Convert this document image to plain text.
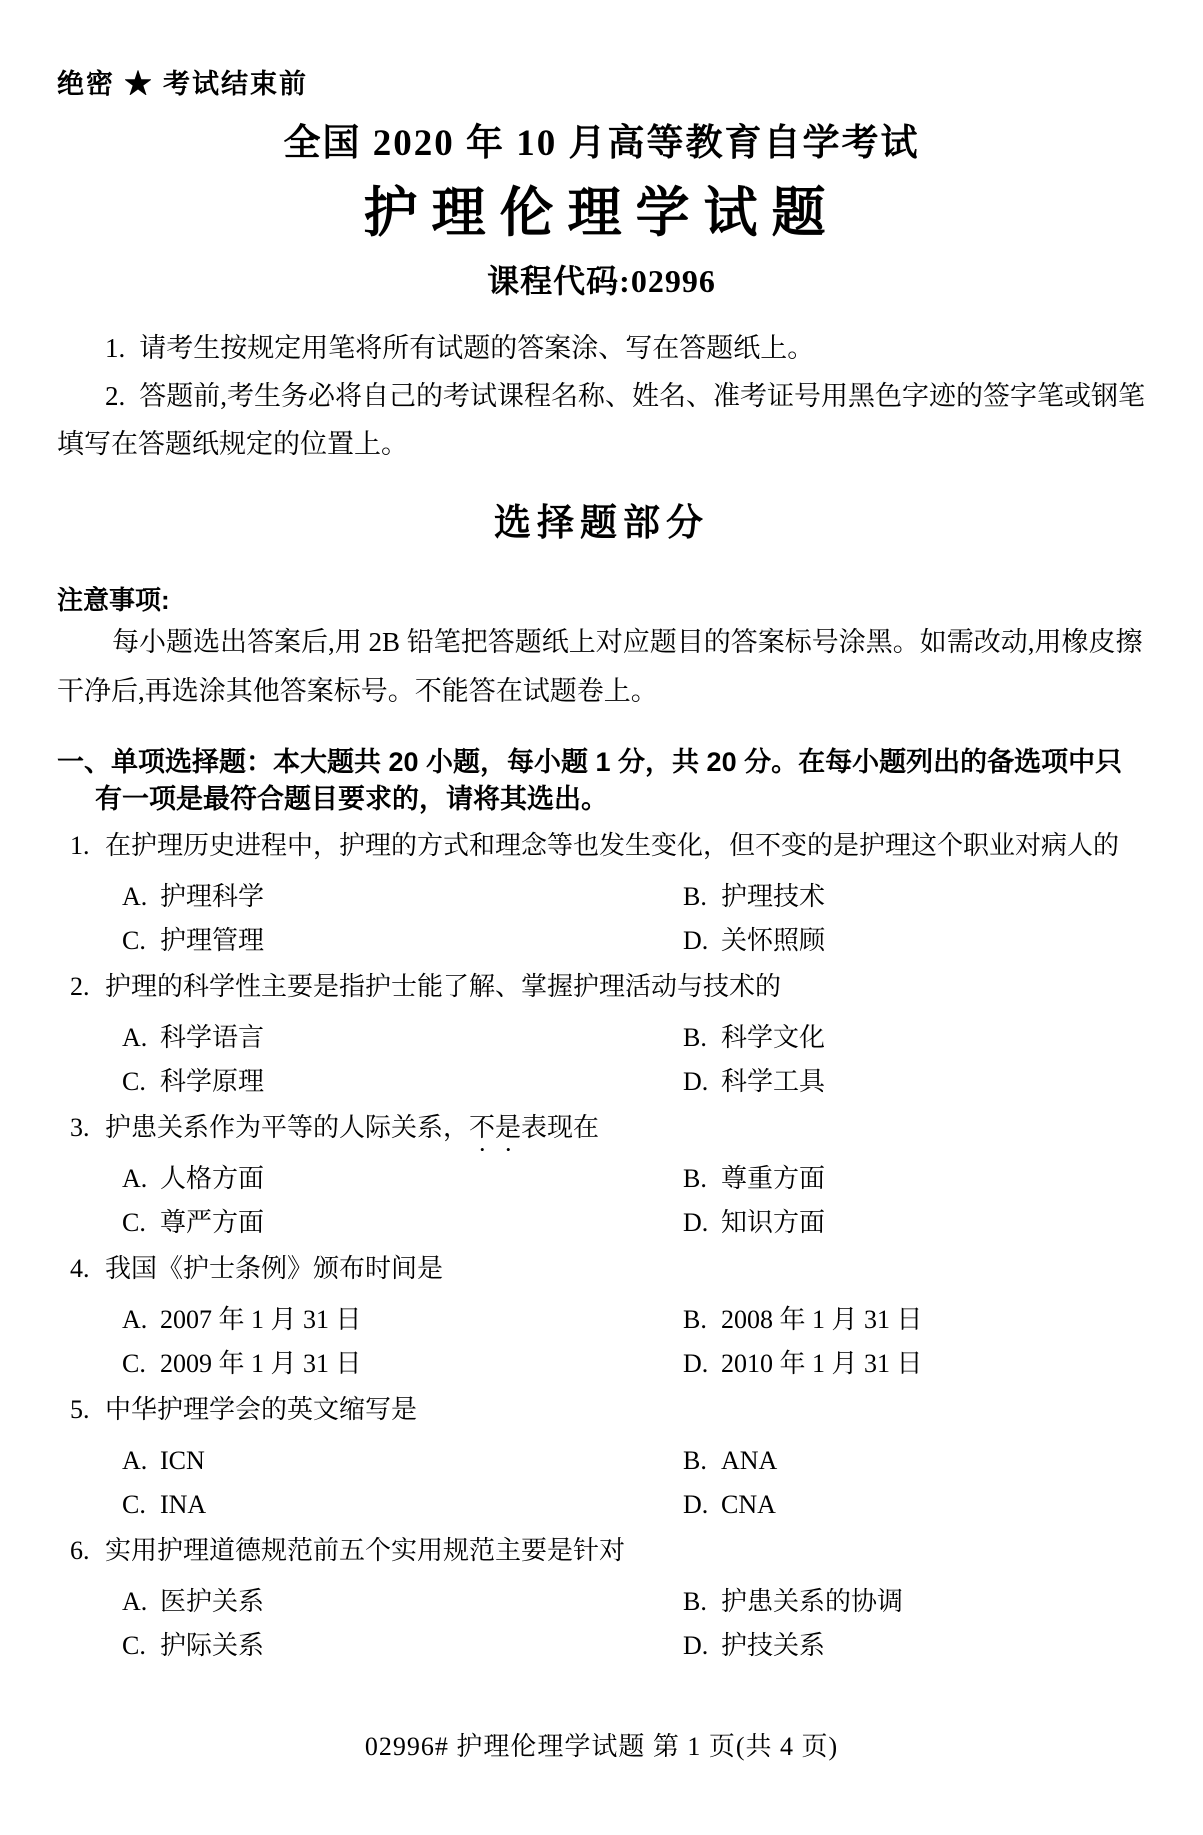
绝密 ★ 考试结束前
全国 2020 年 10 月高等教育自学考试
护理伦理学试题
课程代码:02996

1. 请考生按规定用笔将所有试题的答案涂、写在答题纸上。

2. 答题前,考生务必将自己的考试课程名称、姓名、准考证号用黑色字迹的签字笔或钢笔填写在答题纸规定的位置上。

选择题部分
注意事项:

每小题选出答案后,用 2B 铅笔把答题纸上对应题目的答案标号涂黑。如需改动,用橡皮擦干净后,再选涂其他答案标号。不能答在试题卷上。

一、单项选择题：本大题共 20 小题，每小题 1 分，共 20 分。在每小题列出的备选项中只有一项是最符合题目要求的，请将其选出。
1. 在护理历史进程中，护理的方式和理念等也发生变化，但不变的是护理这个职业对病人的
A. 护理科学	B. 护理技术
C. 护理管理	D. 关怀照顾
2. 护理的科学性主要是指护士能了解、掌握护理活动与技术的
A. 科学语言	B. 科学文化
C. 科学原理	D. 科学工具
3. 护患关系作为平等的人际关系，不是表现在
A. 人格方面	B. 尊重方面
C. 尊严方面	D. 知识方面
4. 我国《护士条例》颁布时间是
A. 2007 年 1 月 31 日	B. 2008 年 1 月 31 日
C. 2009 年 1 月 31 日	D. 2010 年 1 月 31 日
5. 中华护理学会的英文缩写是
A. ICN	B. ANA
C. INA	D. CNA
6. 实用护理道德规范前五个实用规范主要是针对
A. 医护关系	B. 护患关系的协调
C. 护际关系	D. 护技关系
02996# 护理伦理学试题 第 1 页(共 4 页)
